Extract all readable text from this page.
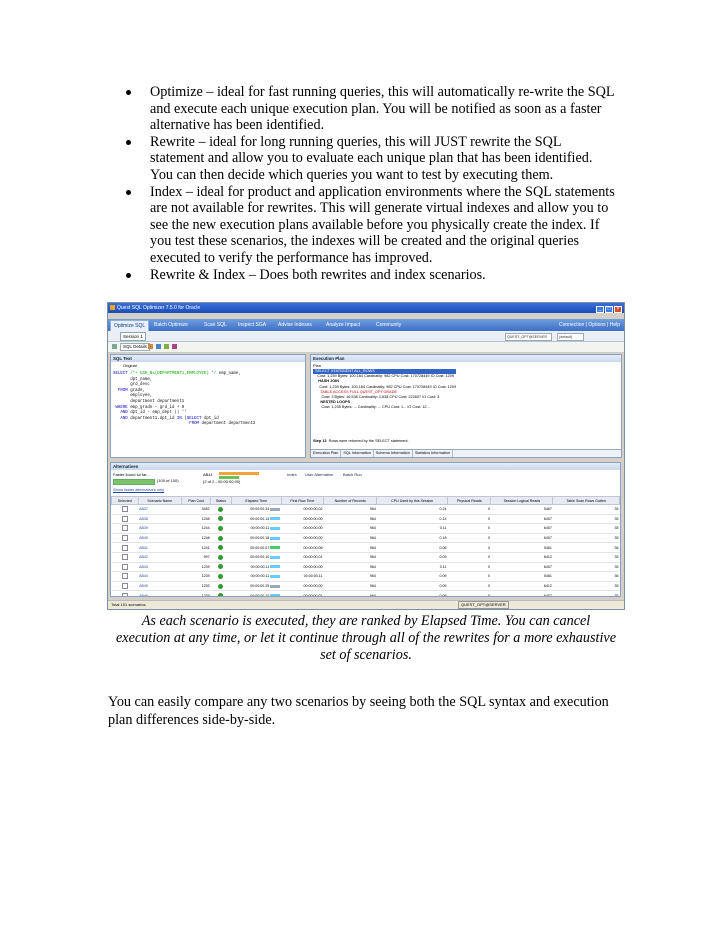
Optimize – ideal for fast running queries, this will automatically re-write the SQL
and execute each unique execution plan. You will be notified as soon as a faster
alternative has been identified.
Rewrite – ideal for long running queries, this will JUST rewrite the SQL
statement and allow you to evaluate each unique plan that has been identified.
You can then decide which queries you want to test by executing them.
Index – ideal for product and application environments where the SQL statements
are not available for rewrites. This will generate virtual indexes and allow you to
see the new execution plans available before you physically create the index. If
you test these scenarios, the indexes will be created and the original queries
executed to verify the performance has improved.
Rewrite & Index – Does both rewrites and index scenarios.
Quest SQL Optimizer 7.5.0 for Oracle	_ □ ×
Optimize SQL	Batch Optimize	Scan SQL Inspect SGA Advise Indexes	Analyze Impact	Community	Connection | Options | Help
Session 1	QUEST_OPT@SERVER	(default)
SQL Details
SQL Text
Original
SELECT /*+ USE_NL(DEPARTMENT1,EMPLOYEE) */ emp_name,
dpt_name,
grd_desc
FROM grade,
employee,
department department1
WHERE emp_grade - grd_id + 0
AND dpt_id - emp_dept || ''
AND department1.dpt_id IN (SELECT dpt_id
FROM department department2
Execution Plan
Plan
SELECT STATEMENT ALL_ROWS
Cost: 1,239 Bytes: 100,164 Cardinality: 982 CPU Cost: 170728449 IO Cost: 1209
HASH JOIN
Cost: 1,239 Bytes: 100,164 Cardinality: 982 CPU Cost: 170728449 IO Cost: 1209
TABLE ACCESS FULL QUEST_OPT.GRADE
Cost: 3 Bytes: 16,538 Cardinality: 1,638 CPU Cost: 222607 IO Cost: 3
NESTED LOOPS
Cost: 1,235 Bytes: ... Cardinality: ... CPU Cost: 1... IO Cost: 12...
Step 13 Rows were returned by the SELECT statement.
Execution Plan SQL Information Schema Information Statistics Information
Alternatives
Faster found so far...
(100 of 100)
AB41
(2 of 2 - 00:00:00.00)
Index User Alternative Batch Run
Show faster alternatives only
Selected	Scenario Name	Plan Cost	Status	Elapsed Time	First Row Time	Number of Records	CPU Used by this Session	Physical Reads	Session Logical Reads	Table Scan Rows Gotten
	AB37	3452		00:00:00.34	00:00:00.02	964	0.24	0	5467	35
	AB38	1248		00:00:00.14	00:00:00.00	964	0.14	0	6407	35
	AB39	1244		00:00:00.11	00:00:00.00	964	0.11	0	6407	35
	AB40	1248		00:00:00.18	00:00:00.00	964	0.18	0	6407	35
	AB41	1241		00:00:00.07	00:00:00.06	964	0.06	0	5461	36
	AB42	997		00:00:00.10	00:00:00.01	964	0.09	0	6412	35
	AB43	1239		00:00:00.11	00:00:00.00	964	0.11	0	6407	35
	AB44	1239		00:00:00.11	00:00:00.11	964	0.09	0	5461	36
	AB45	1253		00:00:00.25	00:00:00.00	964	0.09	0	6412	35
	AB46	1239		00:00:00.10	00:00:00.01	964	0.09	0	6407	35

Total 151 scenarios.	QUEST_OPT@SERVER

As each scenario is executed, they are ranked by Elapsed Time. You can cancel
execution at any time, or let it continue through all of the rewrites for a more exhaustive
set of scenarios.

You can easily compare any two scenarios by seeing both the SQL syntax and execution
plan differences side-by-side.
